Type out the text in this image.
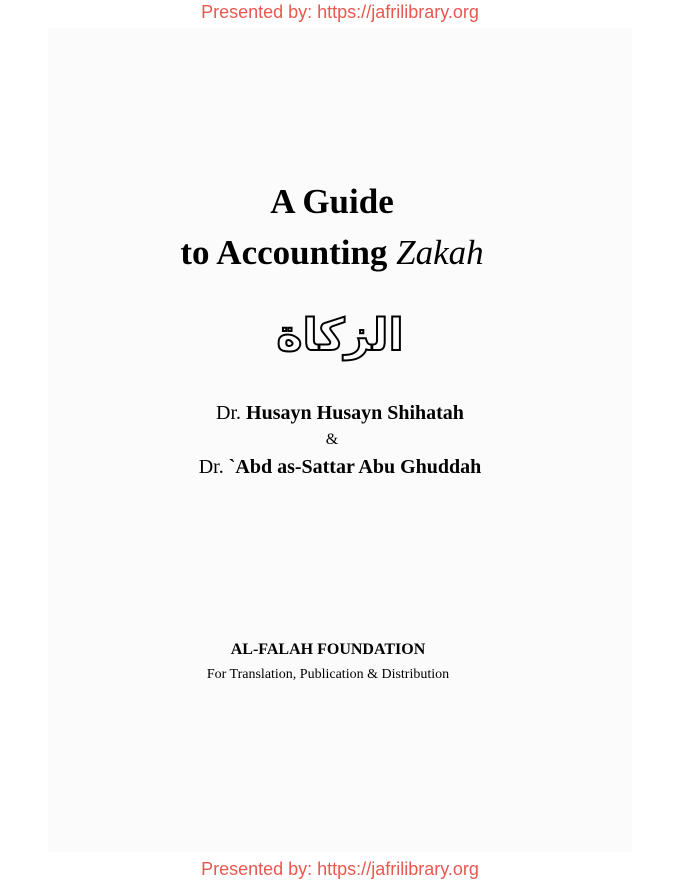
Presented by: https://jafrilibrary.org
A Guide
to Accounting Zakah
الزكاة
Dr. Husayn Husayn Shihatah
&
Dr. `Abd as-Sattar Abu Ghuddah
AL-FALAH FOUNDATION
For Translation, Publication & Distribution
Presented by: https://jafrilibrary.org
